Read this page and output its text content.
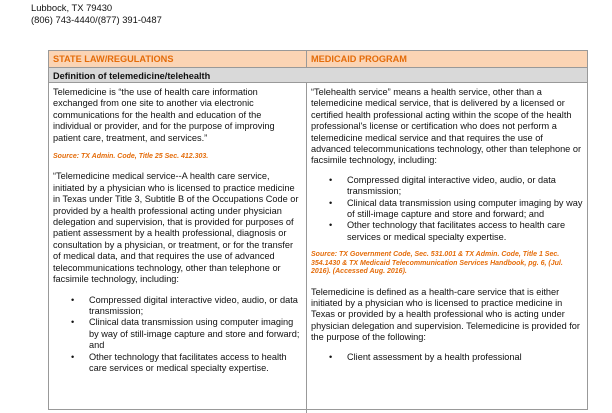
Lubbock, TX 79430
(806) 743-4440/(877) 391-0487
STATE LAW/REGULATIONS	MEDICAID PROGRAM
Definition of telemedicine/telehealth

Telemedicine is “the use of health care information exchanged from one site to another via electronic communications for the health and education of the individual or provider, and for the purpose of improving patient care, treatment, and services.”

Source: TX Admin. Code, Title 25 Sec. 412.303.

“Telemedicine medical service--A health care service, initiated by a physician who is licensed to practice medicine in Texas under Title 3, Subtitle B of the Occupations Code or provided by a health professional acting under physician delegation and supervision, that is provided for purposes of patient assessment by a health professional, diagnosis or consultation by a physician, or treatment, or for the transfer of medical data, and that requires the use of advanced telecommunications technology, other than telephone or facsimile technology, including:

• Compressed digital interactive video, audio, or data transmission;
• Clinical data transmission using computer imaging by way of still-image capture and store and forward; and
• Other technology that facilitates access to health care services or medical specialty expertise.

“Telehealth service” means a health service, other than a telemedicine medical service, that is delivered by a licensed or certified health professional acting within the scope of the health professional's license or certification who does not perform a telemedicine medical service and that requires the use of advanced telecommunications technology, other than telephone or facsimile technology, including:

• Compressed digital interactive video, audio, or data transmission;
• Clinical data transmission using computer imaging by way of still-image capture and store and forward; and
• Other technology that facilitates access to health care services or medical specialty expertise.

Source: TX Government Code, Sec. 531.001 & TX Admin. Code, Title 1 Sec. 354.1430 & TX Medicaid Telecommunication Services Handbook, pg. 6, (Jul. 2016). (Accessed Aug. 2016).

Telemedicine is defined as a health-care service that is either initiated by a physician who is licensed to practice medicine in Texas or provided by a health professional who is acting under physician delegation and supervision. Telemedicine is provided for the purpose of the following:

• Client assessment by a health professional
